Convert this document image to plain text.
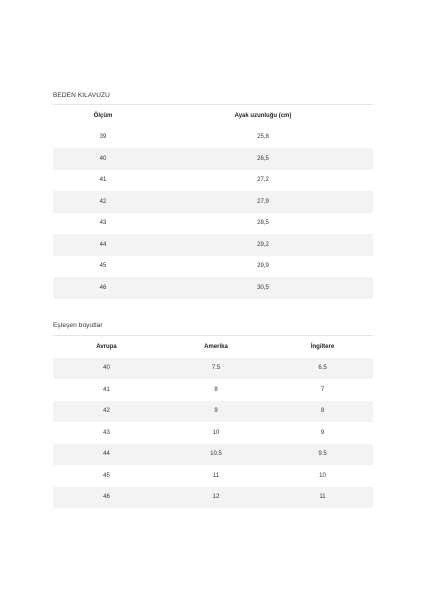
BEDEN KILAVUZU
Ölçüm	Ayak uzunluğu (cm)
39	25,8
40	26,5
41	27,2
42	27,9
43	28,5
44	29,2
45	29,9
46	30,5
Eşleşen boyutlar
Avrupa	Amerika	İngiltere
40	7.5	6.5
41	8	7
42	9	8
43	10	9
44	10.5	9.5
45	11	10
46	12	11
